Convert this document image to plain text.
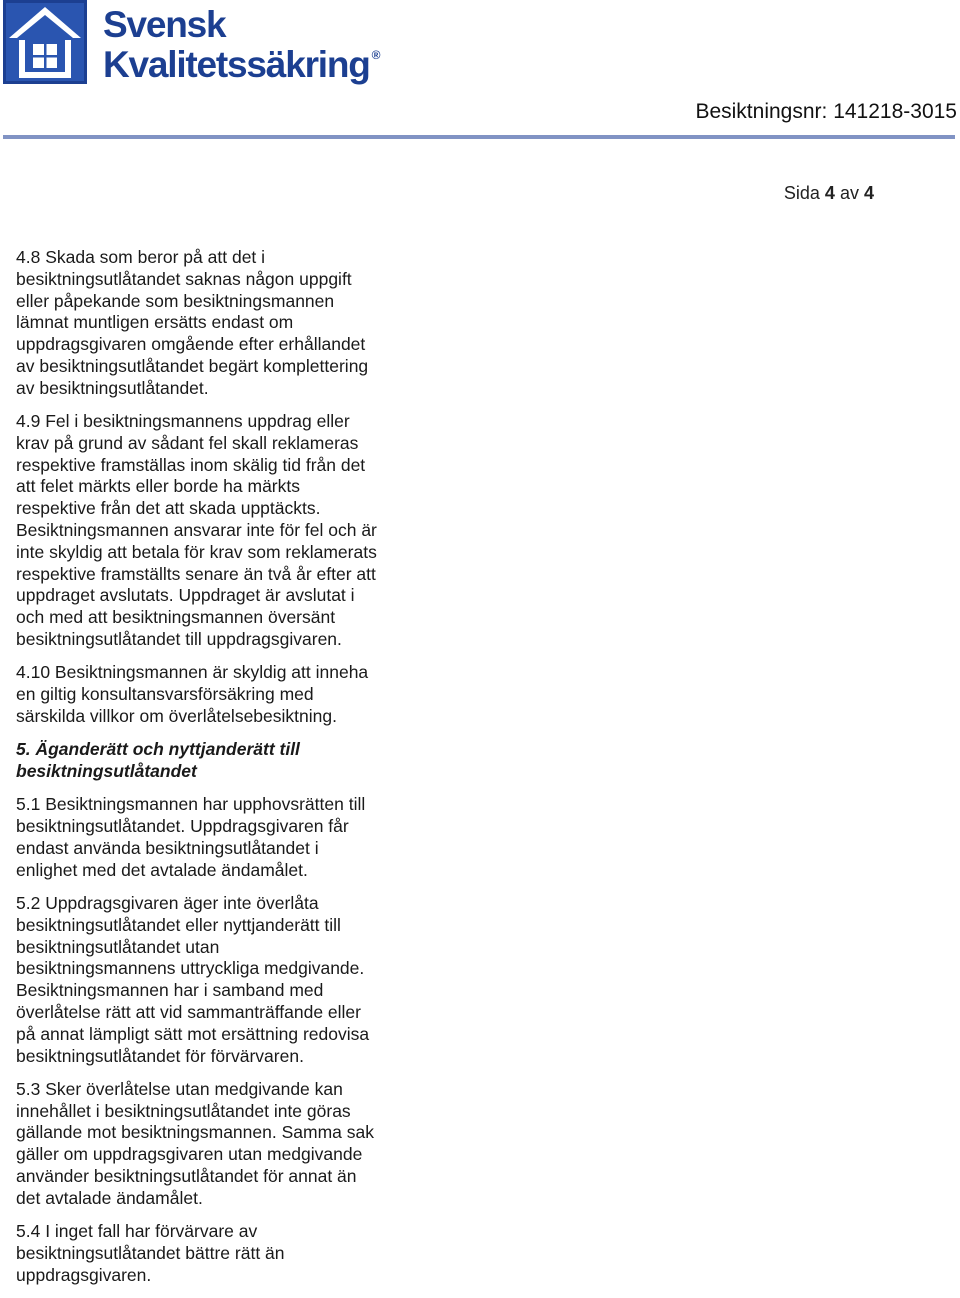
Svensk
Kvalitetssäkring ®
Besiktningsnr: 141218-3015
Sida 4 av 4

4.8 Skada som beror på att det i
besiktningsutlåtandet saknas någon uppgift
eller påpekande som besiktningsmannen
lämnat muntligen ersätts endast om
uppdragsgivaren omgående efter erhållandet
av besiktningsutlåtandet begärt komplettering
av besiktningsutlåtandet.

4.9 Fel i besiktningsmannens uppdrag eller
krav på grund av sådant fel skall reklameras
respektive framställas inom skälig tid från det
att felet märkts eller borde ha märkts
respektive från det att skada upptäckts.
Besiktningsmannen ansvarar inte för fel och är
inte skyldig att betala för krav som reklamerats
respektive framställts senare än två år efter att
uppdraget avslutats. Uppdraget är avslutat i
och med att besiktningsmannen översänt
besiktningsutlåtandet till uppdragsgivaren.

4.10 Besiktningsmannen är skyldig att inneha
en giltig konsultansvarsförsäkring med
särskilda villkor om överlåtelsebesiktning.

5. Äganderätt och nyttjanderätt till
besiktningsutlåtandet

5.1 Besiktningsmannen har upphovsrätten till
besiktningsutlåtandet. Uppdragsgivaren får
endast använda besiktningsutlåtandet i
enlighet med det avtalade ändamålet.

5.2 Uppdragsgivaren äger inte överlåta
besiktningsutlåtandet eller nyttjanderätt till
besiktningsutlåtandet utan
besiktningsmannens uttryckliga medgivande.
Besiktningsmannen har i samband med
överlåtelse rätt att vid sammanträffande eller
på annat lämpligt sätt mot ersättning redovisa
besiktningsutlåtandet för förvärvaren.

5.3 Sker överlåtelse utan medgivande kan
innehållet i besiktningsutlåtandet inte göras
gällande mot besiktningsmannen. Samma sak
gäller om uppdragsgivaren utan medgivande
använder besiktningsutlåtandet för annat än
det avtalade ändamålet.

5.4 I inget fall har förvärvare av
besiktningsutlåtandet bättre rätt än
uppdragsgivaren.
